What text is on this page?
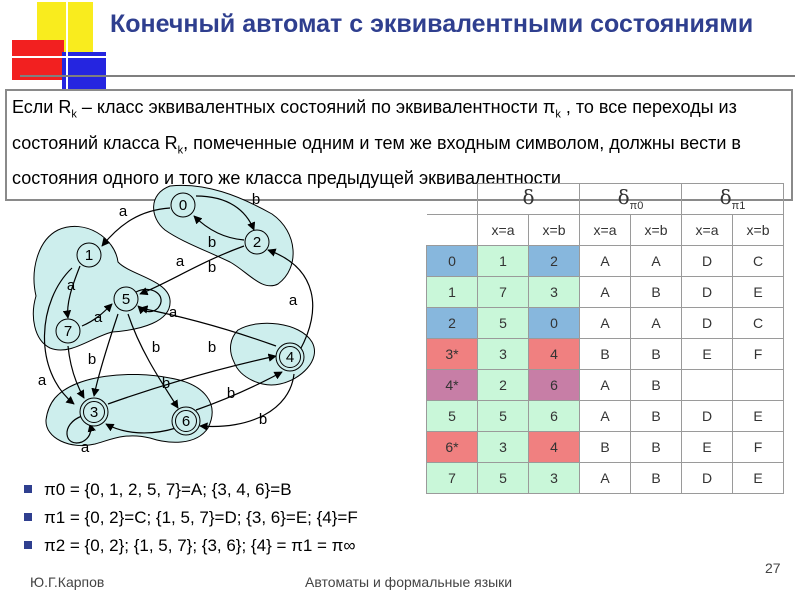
Конечный автомат с эквивалентными состояниями
Если $R_k$ – класс эквивалентных состояний по эквивалентности $\pi_k$ , то все переходы из состояний класса $R_k$, помеченные одним и тем же входным символом, должны вести в состояния одного и того же класса предыдущей эквивалентности
0
1
2
5
7
4
3
6
a
b
b
b
a
a
a	a
a
a
a
b
b	b
b
b
b
	δ		$\delta_{\pi 0}$		$\delta_{\pi 1}$
	x=a	x=b	x=a	x=b	x=a	x=b
0	1	2	A	A	D	C
1	7	3	A	B	D	E
2	5	0	A	A	D	C
3*	3	4	B	B	E	F
4*	2	6	A	B		
5	5	6	A	B	D	E
6*	3	4	B	B	E	F
7	5	3	A	B	D	E
π0 = {0, 1, 2, 5, 7}=A; {3, 4, 6}=B
π1 = {0, 2}=C; {1, 5, 7}=D; {3, 6}=E; {4}=F
π2 = {0, 2}; {1, 5, 7}; {3, 6}; {4} = π1 = π∞
Ю.Г.Карпов	Автоматы и формальные языки
27
